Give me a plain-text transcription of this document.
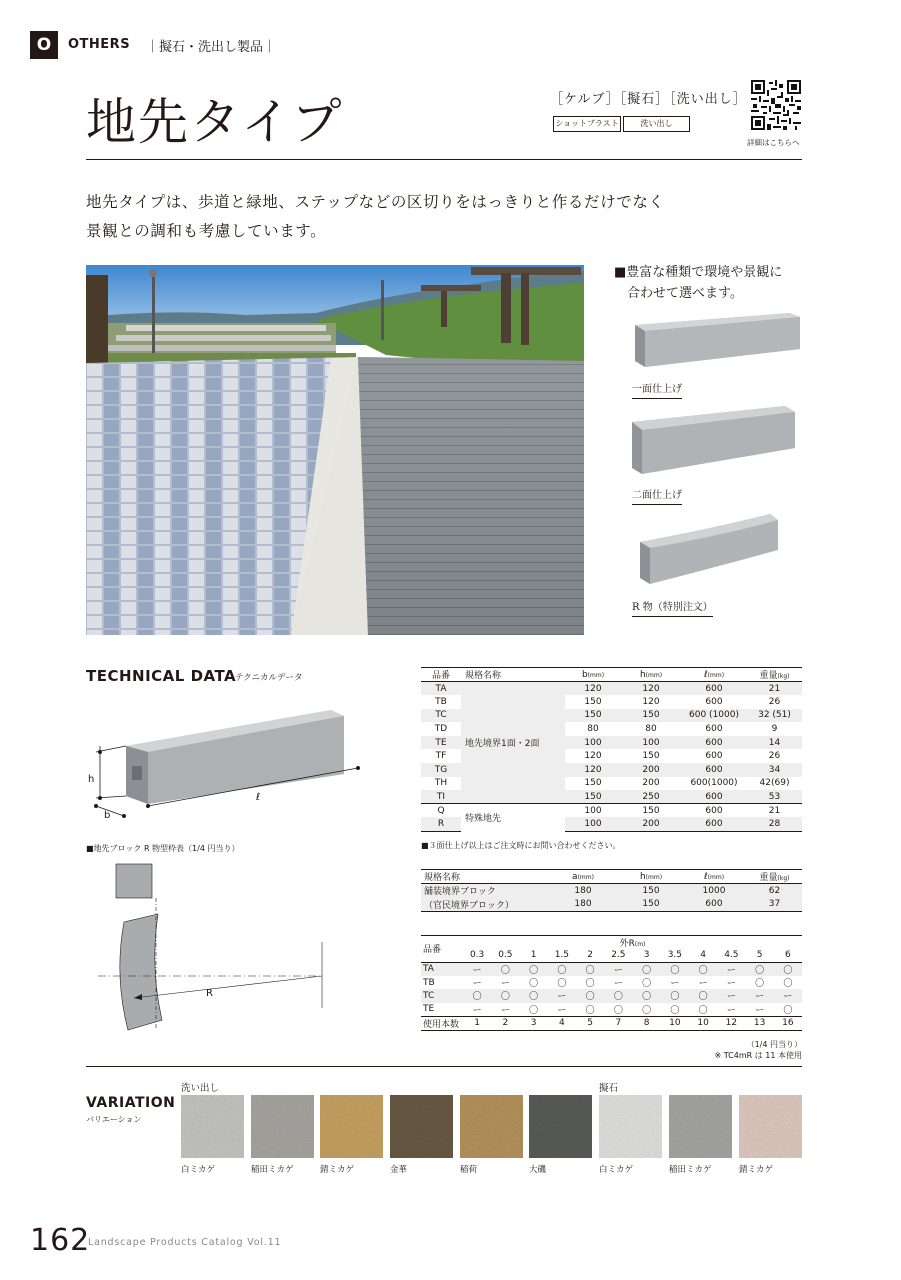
O	OTHERS ｜擬石・洗出し製品｜
地先タイプ	［ケルブ］［擬石］［洗い出し］
ショットブラスト	洗い出し
詳細はこちらへ
地先タイプは、歩道と緑地、ステップなどの区切りをはっきりと作るだけでなく
景観との調和も考慮しています。
■豊富な種類で環境や景観に
　合わせて選べます。
一面仕上げ
二面仕上げ
R 物（特別注文）
TECHNICAL DATA
テクニカルデータ
h
b
ℓ
■地先ブロック R 物型枠表（1/4 円当り）
R
品番	規格名称	b(mm)	h(mm)	ℓ(mm)	重量(kg)
TA	地先境界1面・2面	120	120	600	21
TB		150	120	600	26
TC		150	150	600 (1000)	32 (51)
TD		80	80	600	9
TE		100	100	600	14
TF		120	150	600	26
TG		120	200	600	34
TH		150	200	600(1000)	42(69)
TI		150	250	600	53
Q	特殊地先	100	150	600	21
R		100	200	600	28
■３面仕上げ以上はご注文時にお問い合わせください。
規格名称	a(mm)	h(mm)	ℓ(mm)	重量(kg)
舗装境界ブロック	180	150	1000	62
（官民境界ブロック）	180	150	600	37
品番	外R(m)											
	0.3	0.5	1	1.5	2	2.5	3	3.5	4	4.5	5	6
TA	ー	〇	〇	〇	〇	ー	〇	〇	〇	ー	〇	〇
TB	ー	ー	〇	〇	〇	ー	〇	ー	ー	ー	〇	〇
TC	〇	〇	〇	ー	〇	〇	〇	〇	〇	ー	ー	ー
TE	ー	ー	〇	ー	〇	〇	〇	〇	〇	ー	ー	〇
使用本数	1	2	3	4	5	7	8	10	10	12	13	16
（1/4 円当り）
※ TC4mR は 11 本使用
VARIATION
バリエーション
洗い出し	擬石
白ミカゲ	稲田ミカゲ	錆ミカゲ	金華	稲荷	大磯	白ミカゲ	稲田ミカゲ	錆ミカゲ
162
Landscape Products Catalog Vol.11
